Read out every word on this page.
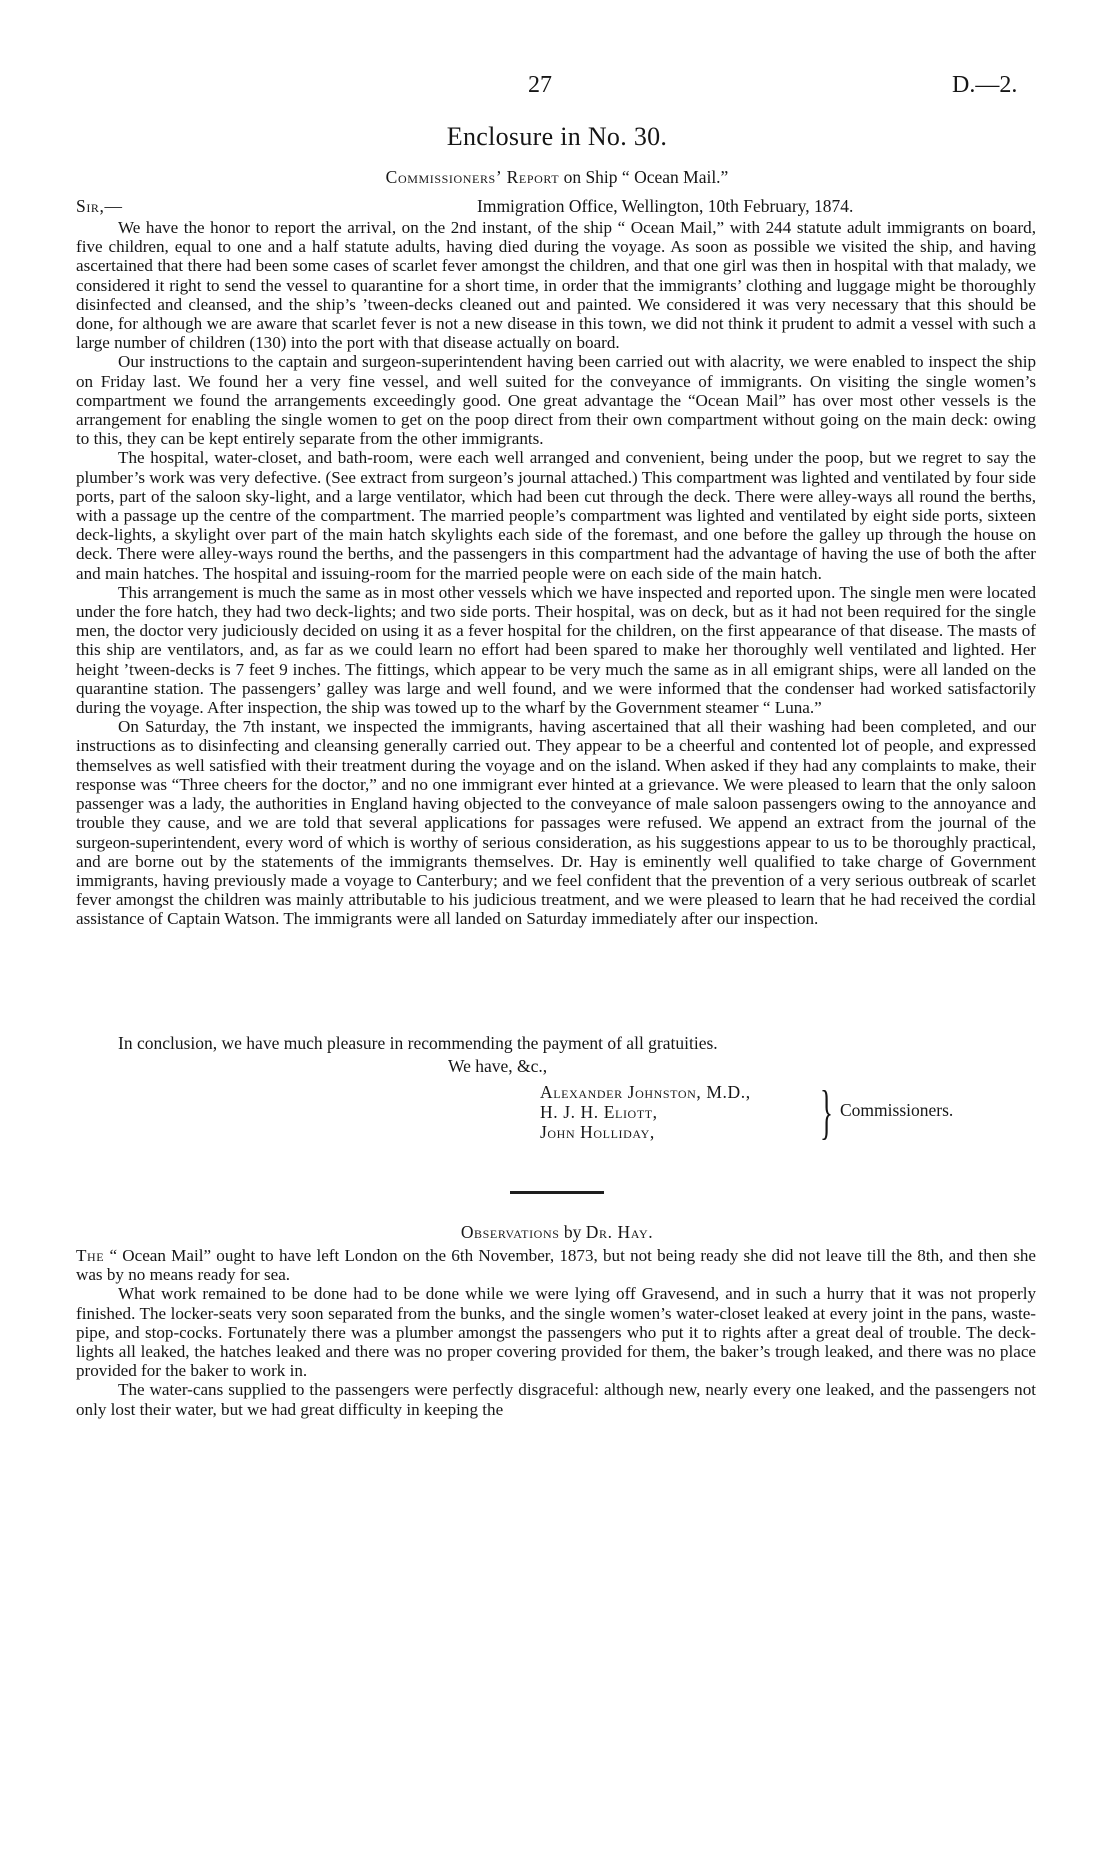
27	D.—2.
Enclosure in No. 30.
Commissioners’ Report on Ship “ Ocean Mail.”
Sir,—	Immigration Office, Wellington, 10th February, 1874.

We have the honor to report the arrival, on the 2nd instant, of the ship “ Ocean Mail,” with 244 statute adult immigrants on board, five children, equal to one and a half statute adults, having died during the voyage. As soon as possible we visited the ship, and having ascertained that there had been some cases of scarlet fever amongst the children, and that one girl was then in hospital with that malady, we considered it right to send the vessel to quarantine for a short time, in order that the immigrants’ clothing and luggage might be thoroughly disinfected and cleansed, and the ship’s ’tween-decks cleaned out and painted. We considered it was very necessary that this should be done, for although we are aware that scarlet fever is not a new disease in this town, we did not think it prudent to admit a vessel with such a large number of children (130) into the port with that disease actually on board.

Our instructions to the captain and surgeon-superintendent having been carried out with alacrity, we were enabled to inspect the ship on Friday last. We found her a very fine vessel, and well suited for the conveyance of immigrants. On visiting the single women’s compartment we found the arrangements exceedingly good. One great advantage the “Ocean Mail” has over most other vessels is the arrangement for enabling the single women to get on the poop direct from their own compartment without going on the main deck: owing to this, they can be kept entirely separate from the other immigrants.

The hospital, water-closet, and bath-room, were each well arranged and convenient, being under the poop, but we regret to say the plumber’s work was very defective. (See extract from surgeon’s journal attached.) This compartment was lighted and ventilated by four side ports, part of the saloon sky-light, and a large ventilator, which had been cut through the deck. There were alley-ways all round the berths, with a passage up the centre of the compartment. The married people’s compartment was lighted and ventilated by eight side ports, sixteen deck-lights, a skylight over part of the main hatch skylights each side of the foremast, and one before the galley up through the house on deck. There were alley-ways round the berths, and the passengers in this compartment had the advantage of having the use of both the after and main hatches. The hospital and issuing-room for the married people were on each side of the main hatch.

This arrangement is much the same as in most other vessels which we have inspected and reported upon. The single men were located under the fore hatch, they had two deck-lights; and two side ports. Their hospital, was on deck, but as it had not been required for the single men, the doctor very judiciously decided on using it as a fever hospital for the children, on the first appearance of that disease. The masts of this ship are ventilators, and, as far as we could learn no effort had been spared to make her thoroughly well ventilated and lighted. Her height ’tween-decks is 7 feet 9 inches. The fittings, which appear to be very much the same as in all emigrant ships, were all landed on the quarantine station. The passengers’ galley was large and well found, and we were informed that the condenser had worked satisfactorily during the voyage. After inspection, the ship was towed up to the wharf by the Government steamer “ Luna.”

On Saturday, the 7th instant, we inspected the immigrants, having ascertained that all their washing had been completed, and our instructions as to disinfecting and cleansing generally carried out. They appear to be a cheerful and contented lot of people, and expressed themselves as well satisfied with their treatment during the voyage and on the island. When asked if they had any complaints to make, their response was “Three cheers for the doctor,” and no one immigrant ever hinted at a grievance. We were pleased to learn that the only saloon passenger was a lady, the authorities in England having objected to the conveyance of male saloon passengers owing to the annoyance and trouble they cause, and we are told that several applications for passages were refused. We append an extract from the journal of the surgeon-superintendent, every word of which is worthy of serious consideration, as his suggestions appear to us to be thoroughly practical, and are borne out by the statements of the immigrants themselves. Dr. Hay is eminently well qualified to take charge of Government immigrants, having previously made a voyage to Canterbury; and we feel confident that the prevention of a very serious outbreak of scarlet fever amongst the children was mainly attributable to his judicious treatment, and we were pleased to learn that he had received the cordial assistance of Captain Watson. The immigrants were all landed on Saturday immediately after our inspection.

In conclusion, we have much pleasure in recommending the payment of all gratuities.
We have, &c.,
Alexander Johnston, M.D.,
H. J. H. Eliott,
John Holliday,	} Commissioners.
Observations by Dr. Hay.

The “ Ocean Mail” ought to have left London on the 6th November, 1873, but not being ready she did not leave till the 8th, and then she was by no means ready for sea.

What work remained to be done had to be done while we were lying off Gravesend, and in such a hurry that it was not properly finished. The locker-seats very soon separated from the bunks, and the single women’s water-closet leaked at every joint in the pans, waste-pipe, and stop-cocks. Fortunately there was a plumber amongst the passengers who put it to rights after a great deal of trouble. The deck-lights all leaked, the hatches leaked and there was no proper covering provided for them, the baker’s trough leaked, and there was no place provided for the baker to work in.

The water-cans supplied to the passengers were perfectly disgraceful: although new, nearly every one leaked, and the passengers not only lost their water, but we had great difficulty in keeping the
